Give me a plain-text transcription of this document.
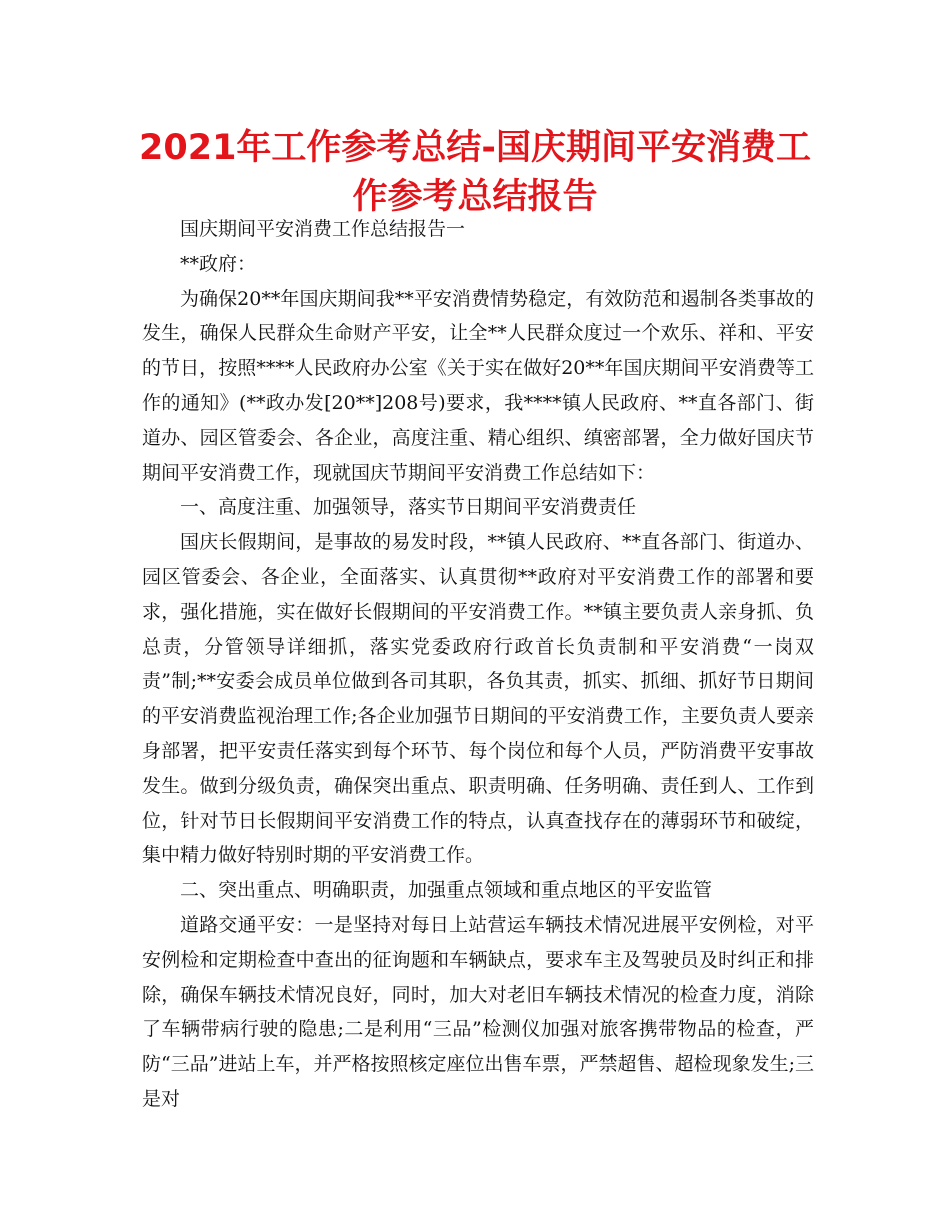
2021年工作参考总结-国庆期间平安消费工作参考总结报告

国庆期间平安消费工作总结报告一

**政府：

为确保20**年国庆期间我**平安消费情势稳定，有效防范和遏制各类事故的发生，确保人民群众生命财产平安，让全**人民群众度过一个欢乐、祥和、平安的节日，按照****人民政府办公室《关于实在做好20**年国庆期间平安消费等工作的通知》(**政办发[20**]208号)要求，我****镇人民政府、**直各部门、街道办、园区管委会、各企业，高度注重、精心组织、缜密部署，全力做好国庆节期间平安消费工作，现就国庆节期间平安消费工作总结如下：

一、高度注重、加强领导，落实节日期间平安消费责任

国庆长假期间，是事故的易发时段，**镇人民政府、**直各部门、街道办、园区管委会、各企业，全面落实、认真贯彻**政府对平安消费工作的部署和要求，强化措施，实在做好长假期间的平安消费工作。**镇主要负责人亲身抓、负总责，分管领导详细抓，落实党委政府行政首长负责制和平安消费“一岗双责”制;**安委会成员单位做到各司其职，各负其责，抓实、抓细、抓好节日期间的平安消费监视治理工作;各企业加强节日期间的平安消费工作，主要负责人要亲身部署，把平安责任落实到每个环节、每个岗位和每个人员，严防消费平安事故发生。做到分级负责，确保突出重点、职责明确、任务明确、责任到人、工作到位，针对节日长假期间平安消费工作的特点，认真查找存在的薄弱环节和破绽，集中精力做好特别时期的平安消费工作。

二、突出重点、明确职责，加强重点领域和重点地区的平安监管

道路交通平安：一是坚持对每日上站营运车辆技术情况进展平安例检，对平安例检和定期检查中查出的征询题和车辆缺点，要求车主及驾驶员及时纠正和排除，确保车辆技术情况良好，同时，加大对老旧车辆技术情况的检查力度，消除了车辆带病行驶的隐患;二是利用“三品”检测仪加强对旅客携带物品的检查，严防“三品”进站上车，并严格按照核定座位出售车票，严禁超售、超检现象发生;三是对
